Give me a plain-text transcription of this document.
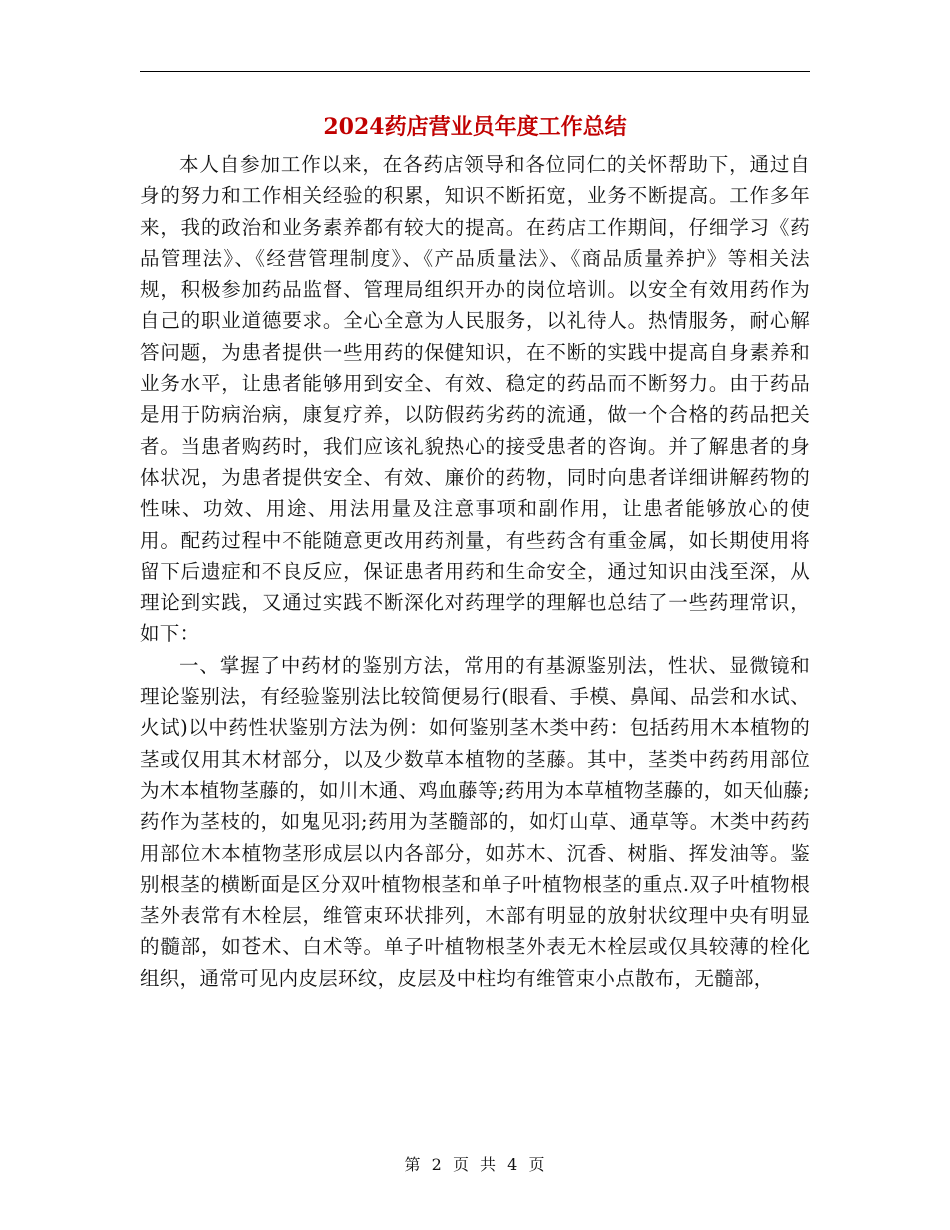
2024药店营业员年度工作总结

本人自参加工作以来，在各药店领导和各位同仁的关怀帮助下，通过自身的努力和工作相关经验的积累，知识不断拓宽，业务不断提高。工作多年来，我的政治和业务素养都有较大的提高。在药店工作期间，仔细学习《药品管理法》、《经营管理制度》、《产品质量法》、《商品质量养护》等相关法规，积极参加药品监督、管理局组织开办的岗位培训。以安全有效用药作为自己的职业道德要求。全心全意为人民服务，以礼待人。热情服务，耐心解答问题，为患者提供一些用药的保健知识，在不断的实践中提高自身素养和业务水平，让患者能够用到安全、有效、稳定的药品而不断努力。由于药品是用于防病治病，康复疗养，以防假药劣药的流通，做一个合格的药品把关者。当患者购药时，我们应该礼貌热心的接受患者的咨询。并了解患者的身体状况，为患者提供安全、有效、廉价的药物，同时向患者详细讲解药物的性味、功效、用途、用法用量及注意事项和副作用，让患者能够放心的使用。配药过程中不能随意更改用药剂量，有些药含有重金属，如长期使用将留下后遗症和不良反应，保证患者用药和生命安全，通过知识由浅至深，从理论到实践，又通过实践不断深化对药理学的理解也总结了一些药理常识，如下：

一、掌握了中药材的鉴别方法，常用的有基源鉴别法，性状、显微镜和理论鉴别法，有经验鉴别法比较简便易行(眼看、手模、鼻闻、品尝和水试、火试)以中药性状鉴别方法为例：如何鉴别茎木类中药：包括药用木本植物的茎或仅用其木材部分，以及少数草本植物的茎藤。其中，茎类中药药用部位为木本植物茎藤的，如川木通、鸡血藤等;药用为本草植物茎藤的，如天仙藤;药作为茎枝的，如鬼见羽;药用为茎髓部的，如灯山草、通草等。木类中药药用部位木本植物茎形成层以内各部分，如苏木、沉香、树脂、挥发油等。鉴别根茎的横断面是区分双叶植物根茎和单子叶植物根茎的重点.双子叶植物根茎外表常有木栓层，维管束环状排列，木部有明显的放射状纹理中央有明显的髓部，如苍术、白术等。单子叶植物根茎外表无木栓层或仅具较薄的栓化组织，通常可见内皮层环纹，皮层及中柱均有维管束小点散布，无髓部，

第 2 页 共 4 页
